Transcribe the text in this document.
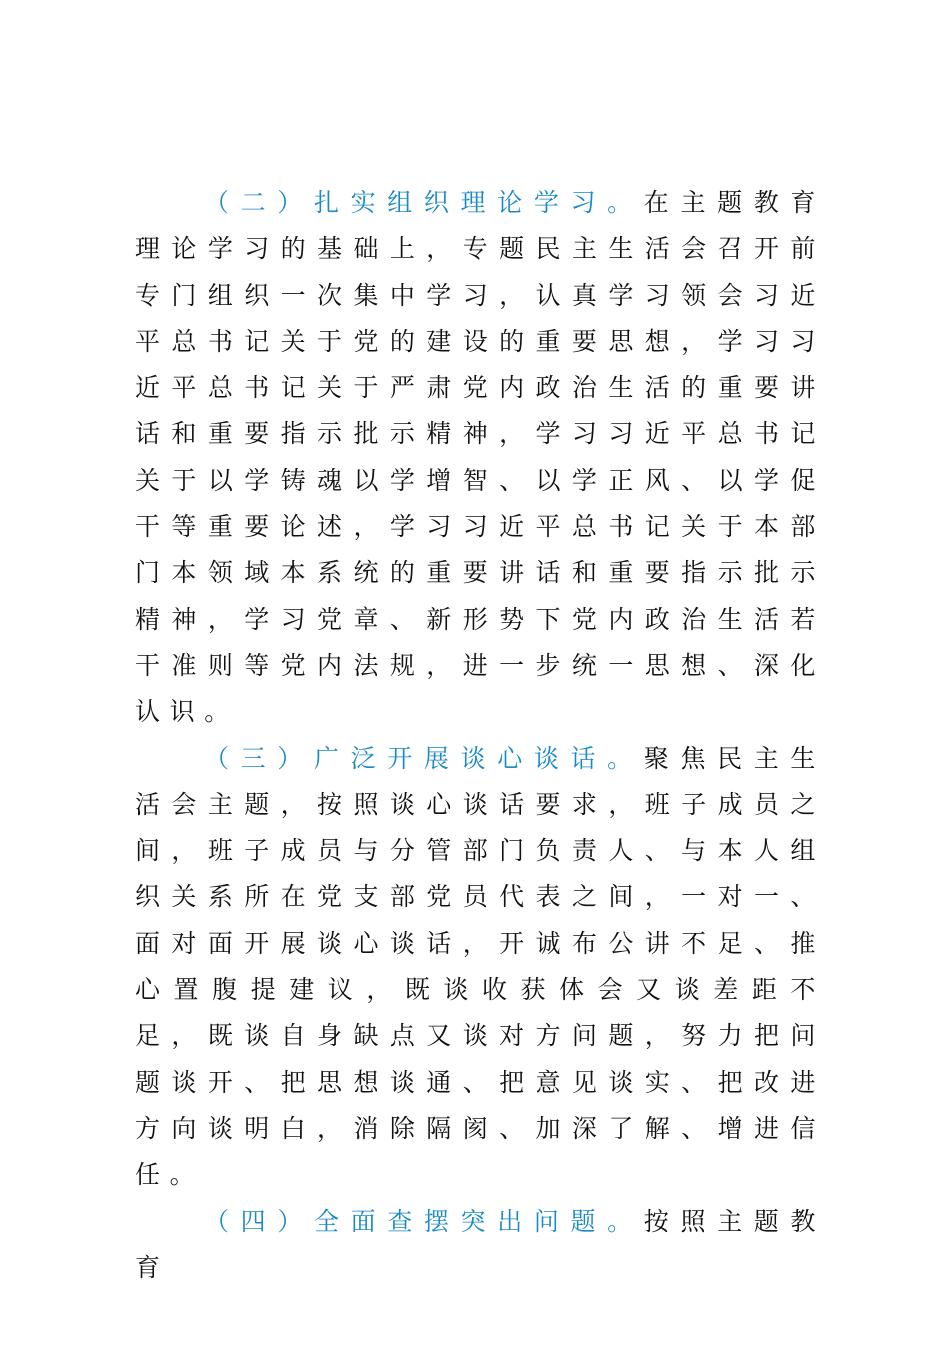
（二）扎实组织理论学习。在主题教育理论学习的基础上，专题民主生活会召开前专门组织一次集中学习，认真学习领会习近平总书记关于党的建设的重要思想，学习习近平总书记关于严肃党内政治生活的重要讲话和重要指示批示精神，学习习近平总书记关于以学铸魂以学增智、以学正风、以学促干等重要论述，学习习近平总书记关于本部门本领域本系统的重要讲话和重要指示批示精神，学习党章、新形势下党内政治生活若干准则等党内法规，进一步统一思想、深化认识。

（三）广泛开展谈心谈话。聚焦民主生活会主题，按照谈心谈话要求，班子成员之间，班子成员与分管部门负责人、与本人组织关系所在党支部党员代表之间，一对一、面对面开展谈心谈话，开诚布公讲不足、推心置腹提建议，既谈收获体会又谈差距不足，既谈自身缺点又谈对方问题，努力把问题谈开、把思想谈通、把意见谈实、把改进方向谈明白，消除隔阂、加深了解、增进信任。

（四）全面查摆突出问题。按照主题教育
